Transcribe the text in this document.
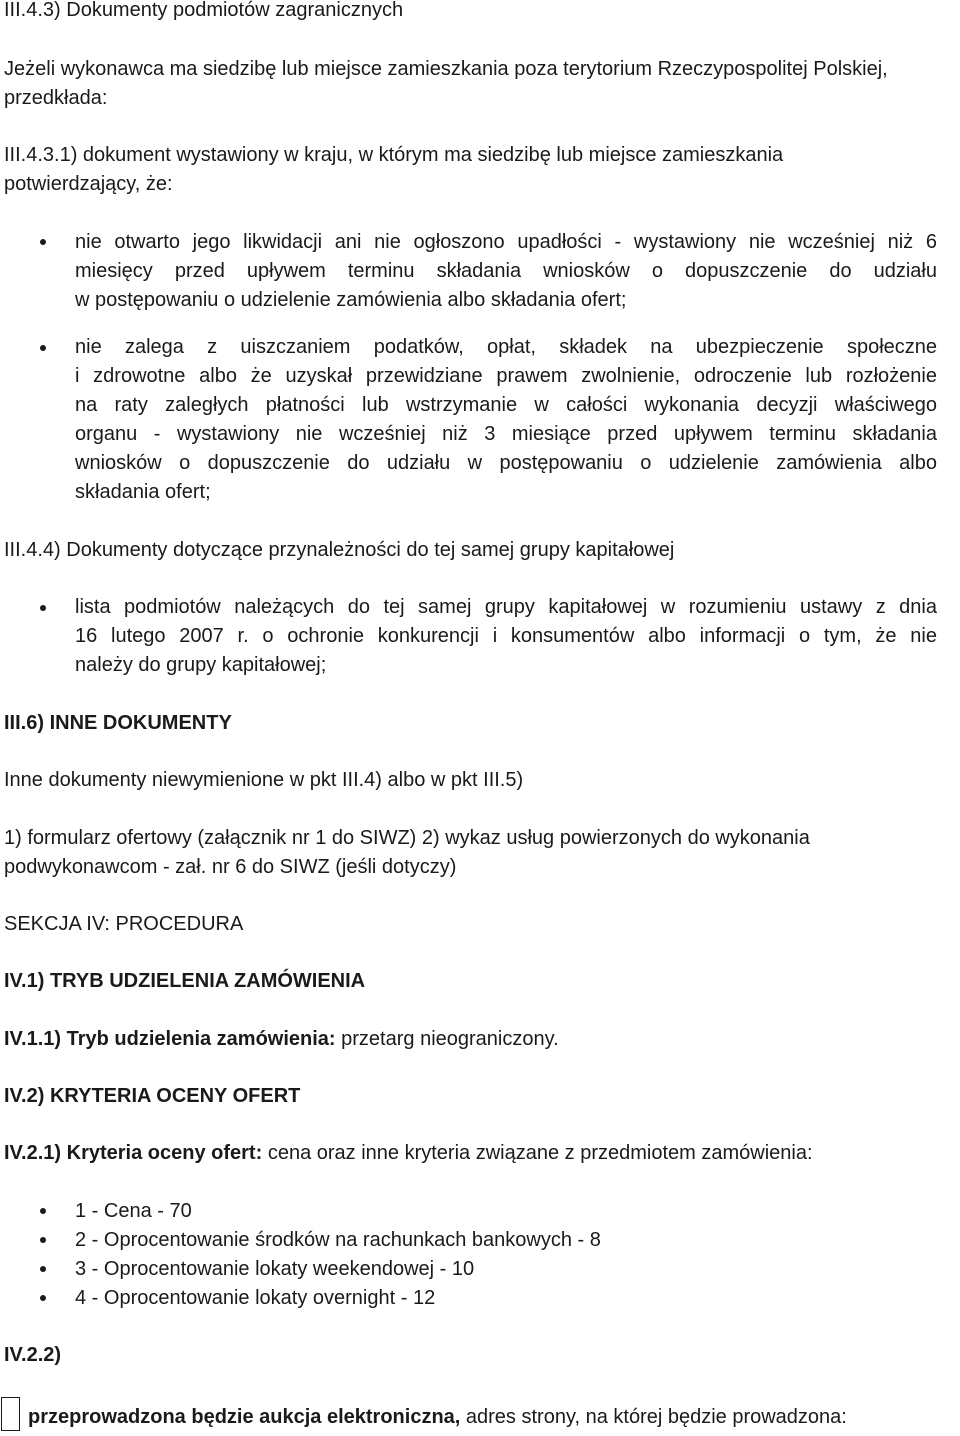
III.4.3) Dokumenty podmiotów zagranicznych
Jeżeli wykonawca ma siedzibę lub miejsce zamieszkania poza terytorium Rzeczypospolitej Polskiej,
przedkłada:
III.4.3.1) dokument wystawiony w kraju, w którym ma siedzibę lub miejsce zamieszkania
potwierdzający, że:
nie otwarto jego likwidacji ani nie ogłoszono upadłości - wystawiony nie wcześniej niż 6
miesięcy przed upływem terminu składania wniosków o dopuszczenie do udziału
w postępowaniu o udzielenie zamówienia albo składania ofert;
nie zalega z uiszczaniem podatków, opłat, składek na ubezpieczenie społeczne
i zdrowotne albo że uzyskał przewidziane prawem zwolnienie, odroczenie lub rozłożenie
na raty zaległych płatności lub wstrzymanie w całości wykonania decyzji właściwego
organu - wystawiony nie wcześniej niż 3 miesiące przed upływem terminu składania
wniosków o dopuszczenie do udziału w postępowaniu o udzielenie zamówienia albo
składania ofert;
III.4.4) Dokumenty dotyczące przynależności do tej samej grupy kapitałowej
lista podmiotów należących do tej samej grupy kapitałowej w rozumieniu ustawy z dnia
16 lutego 2007 r. o ochronie konkurencji i konsumentów albo informacji o tym, że nie
należy do grupy kapitałowej;
III.6) INNE DOKUMENTY
Inne dokumenty niewymienione w pkt III.4) albo w pkt III.5)
1) formularz ofertowy (załącznik nr 1 do SIWZ) 2) wykaz usług powierzonych do wykonania
podwykonawcom - zał. nr 6 do SIWZ (jeśli dotyczy)
SEKCJA IV: PROCEDURA
IV.1) TRYB UDZIELENIA ZAMÓWIENIA
IV.1.1) Tryb udzielenia zamówienia: przetarg nieograniczony.
IV.2) KRYTERIA OCENY OFERT
IV.2.1) Kryteria oceny ofert: cena oraz inne kryteria związane z przedmiotem zamówienia:
1 - Cena - 70
2 - Oprocentowanie środków na rachunkach bankowych - 8
3 - Oprocentowanie lokaty weekendowej - 10
4 - Oprocentowanie lokaty overnight - 12
IV.2.2)
przeprowadzona będzie aukcja elektroniczna, adres strony, na której będzie prowadzona:
